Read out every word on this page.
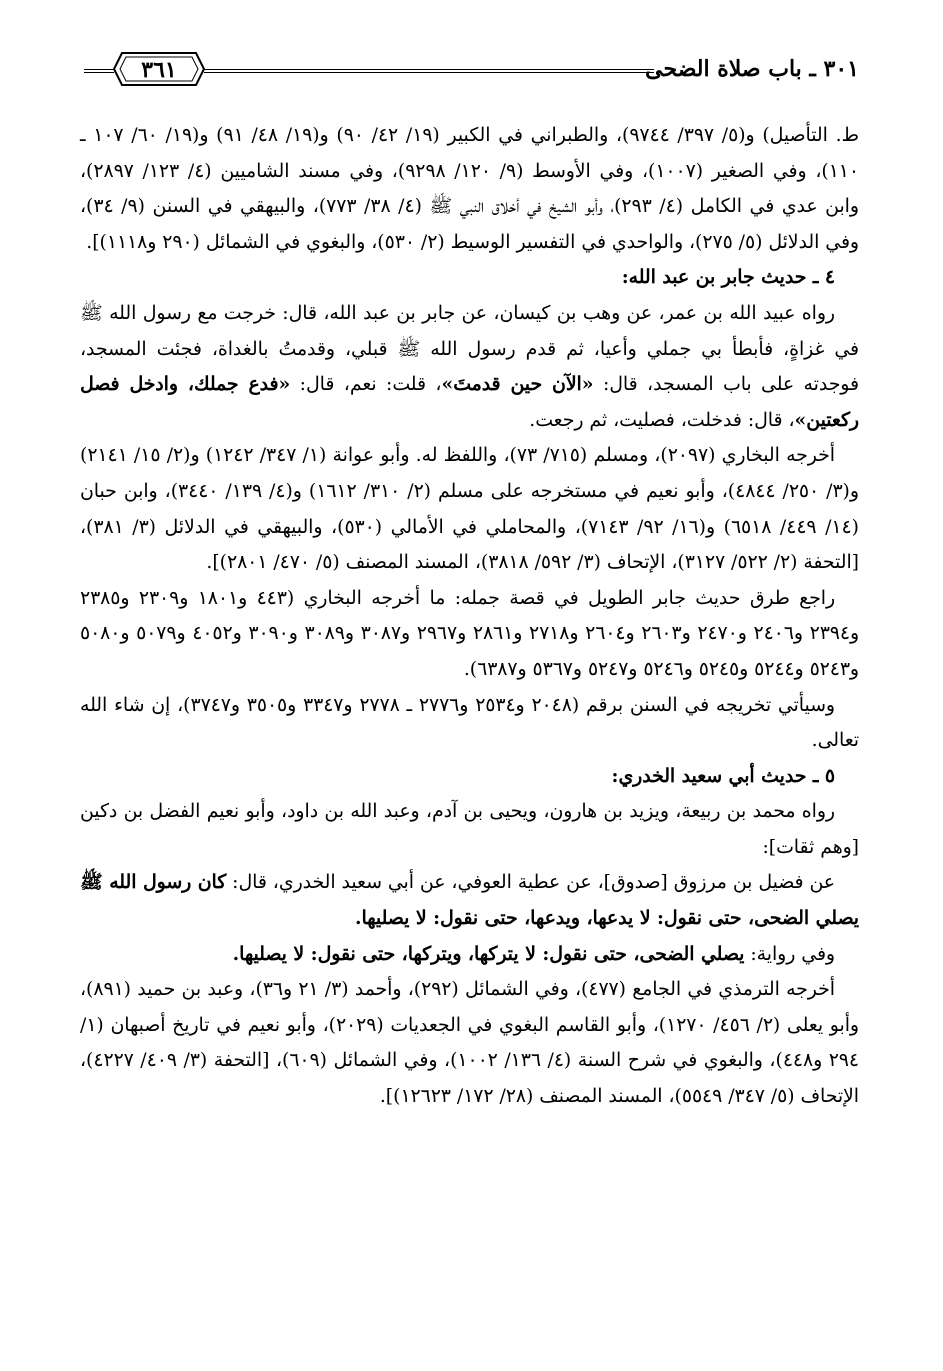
٣٠١ ـ باب صلاة الضحى
٣٦١

ط. التأصيل) و(٥/ ٣٩٧/ ٩٧٤٤)، والطبراني في الكبير (١٩/ ٤٢/ ٩٠) و(١٩/ ٤٨/ ٩١) و(١٩/ ٦٠/ ١٠٧ ـ ١١٠)، وفي الصغير (١٠٠٧)، وفي الأوسط (٩/ ١٢٠/ ٩٢٩٨)، وفي مسند الشاميين (٤/ ١٢٣/ ٢٨٩٧)، وابن عدي في الكامل (٤/ ٢٩٣)، وأبو الشيخ في أخلاق النبي ﷺ (٤/ ٣٨/ ٧٧٣)، والبيهقي في السنن (٩/ ٣٤)، وفي الدلائل (٥/ ٢٧٥)، والواحدي في التفسير الوسيط (٢/ ٥٣٠)، والبغوي في الشمائل (٢٩٠ و١١١٨)].

٤ ـ حديث جابر بن عبد الله:

رواه عبيد الله بن عمر، عن وهب بن كيسان، عن جابر بن عبد الله، قال: خرجت مع رسول الله ﷺ في غزاةٍ، فأبطأ بي جملي وأعيا، ثم قدم رسول الله ﷺ قبلي، وقدمتُ بالغداة، فجئت المسجد، فوجدته على باب المسجد، قال: «الآن حين قدمتَ»، قلت: نعم، قال: «فدع جملك، وادخل فصل ركعتين»، قال: فدخلت، فصليت، ثم رجعت.

أخرجه البخاري (٢٠٩٧)، ومسلم (٧١٥/ ٧٣)، واللفظ له. وأبو عوانة (١/ ٣٤٧/ ١٢٤٢) و(٢/ ١٥/ ٢١٤١) و(٣/ ٢٥٠/ ٤٨٤٤)، وأبو نعيم في مستخرجه على مسلم (٢/ ٣١٠/ ١٦١٢) و(٤/ ١٣٩/ ٣٤٤٠)، وابن حبان (١٤/ ٤٤٩/ ٦٥١٨) و(١٦/ ٩٢/ ٧١٤٣)، والمحاملي في الأمالي (٥٣٠)، والبيهقي في الدلائل (٣/ ٣٨١)، [التحفة (٢/ ٥٢٢/ ٣١٢٧)، الإتحاف (٣/ ٥٩٢/ ٣٨١٨)، المسند المصنف (٥/ ٤٧٠/ ٢٨٠١)].

راجع طرق حديث جابر الطويل في قصة جمله: ما أخرجه البخاري (٤٤٣ و١٨٠١ و٢٣٠٩ و٢٣٨٥ و٢٣٩٤ و٢٤٠٦ و٢٤٧٠ و٢٦٠٣ و٢٦٠٤ و٢٧١٨ و٢٨٦١ و٢٩٦٧ و٣٠٨٧ و٣٠٨٩ و٣٠٩٠ و٤٠٥٢ و٥٠٧٩ و٥٠٨٠ و٥٢٤٣ و٥٢٤٤ و٥٢٤٥ و٥٢٤٦ و٥٢٤٧ و٥٣٦٧ و٦٣٨٧).

وسيأتي تخريجه في السنن برقم (٢٠٤٨ و٢٥٣٤ و٢٧٧٦ ـ ٢٧٧٨ و٣٣٤٧ و٣٥٠٥ و٣٧٤٧)، إن شاء الله تعالى.

٥ ـ حديث أبي سعيد الخدري:

رواه محمد بن ربيعة، ويزيد بن هارون، ويحيى بن آدم، وعبد الله بن داود، وأبو نعيم الفضل بن دكين [وهم ثقات]:

عن فضيل بن مرزوق [صدوق]، عن عطية العوفي، عن أبي سعيد الخدري، قال: كان رسول الله ﷺ يصلي الضحى، حتى نقول: لا يدعها، ويدعها، حتى نقول: لا يصليها.

وفي رواية: يصلي الضحى، حتى نقول: لا يتركها، ويتركها، حتى نقول: لا يصليها.

أخرجه الترمذي في الجامع (٤٧٧)، وفي الشمائل (٢٩٢)، وأحمد (٣/ ٢١ و٣٦)، وعبد بن حميد (٨٩١)، وأبو يعلى (٢/ ٤٥٦/ ١٢٧٠)، وأبو القاسم البغوي في الجعديات (٢٠٢٩)، وأبو نعيم في تاريخ أصبهان (١/ ٢٩٤ و٤٤٨)، والبغوي في شرح السنة (٤/ ١٣٦/ ١٠٠٢)، وفي الشمائل (٦٠٩)، [التحفة (٣/ ٤٠٩/ ٤٢٢٧)، الإتحاف (٥/ ٣٤٧/ ٥٥٤٩)، المسند المصنف (٢٨/ ١٧٢/ ١٢٦٢٣)].
